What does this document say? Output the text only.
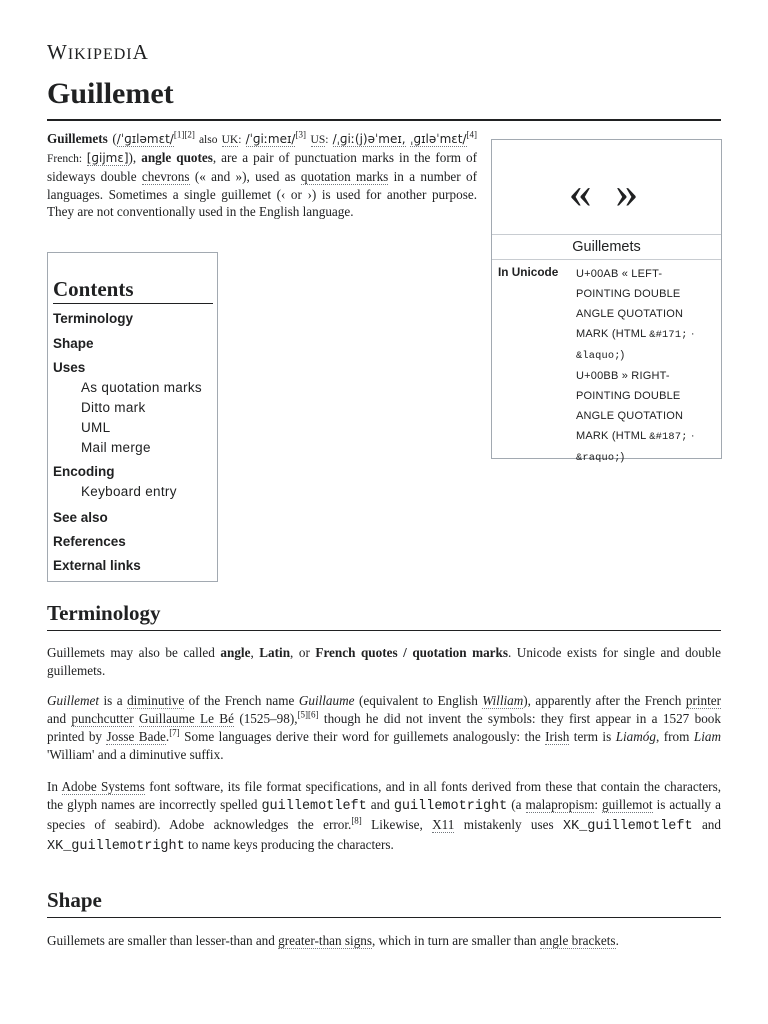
WIKIPEDIA
Guillemet

Guillemets (/ˈɡɪləmɛt/[1][2] also UK: /ˈɡiːmeɪ/[3] US: /ˌɡiː(j)əˈmeɪ, ˌɡɪləˈmɛt/[4] French: [ɡijmɛ]), angle quotes, are a pair of punctuation marks in the form of sideways double chevrons (« and »), used as quotation marks in a number of languages. Sometimes a single guillemet (‹ or ›) is used for another purpose. They are not conventionally used in the English language.	« »
Guillemets
In Unicode	U+00AB « LEFT-
POINTING DOUBLE
ANGLE QUOTATION
MARK (HTML &#171; ·
&laquo;)
U+00BB » RIGHT-
POINTING DOUBLE
ANGLE QUOTATION
MARK (HTML &#187; ·
&raquo;)
Contents
Terminology
Shape
Uses
As quotation marks
Ditto mark
UML
Mail merge
Encoding
Keyboard entry
See also
References
External links
Terminology

Guillemets may also be called angle, Latin, or French quotes / quotation marks. Unicode exists for single and double guillemets.

Guillemet is a diminutive of the French name Guillaume (equivalent to English William), apparently after the French printer and punchcutter Guillaume Le Bé (1525–98),[5][6] though he did not invent the symbols: they first appear in a 1527 book printed by Josse Bade.[7] Some languages derive their word for guillemets analogously: the Irish term is Liamóg, from Liam 'William' and a diminutive suffix.

In Adobe Systems font software, its file format specifications, and in all fonts derived from these that contain the characters, the glyph names are incorrectly spelled guillemotleft and guillemotright (a malapropism: guillemot is actually a species of seabird). Adobe acknowledges the error.[8] Likewise, X11 mistakenly uses XK_guillemotleft and XK_guillemotright to name keys producing the characters.

Shape

Guillemets are smaller than lesser-than and greater-than signs, which in turn are smaller than angle brackets.
